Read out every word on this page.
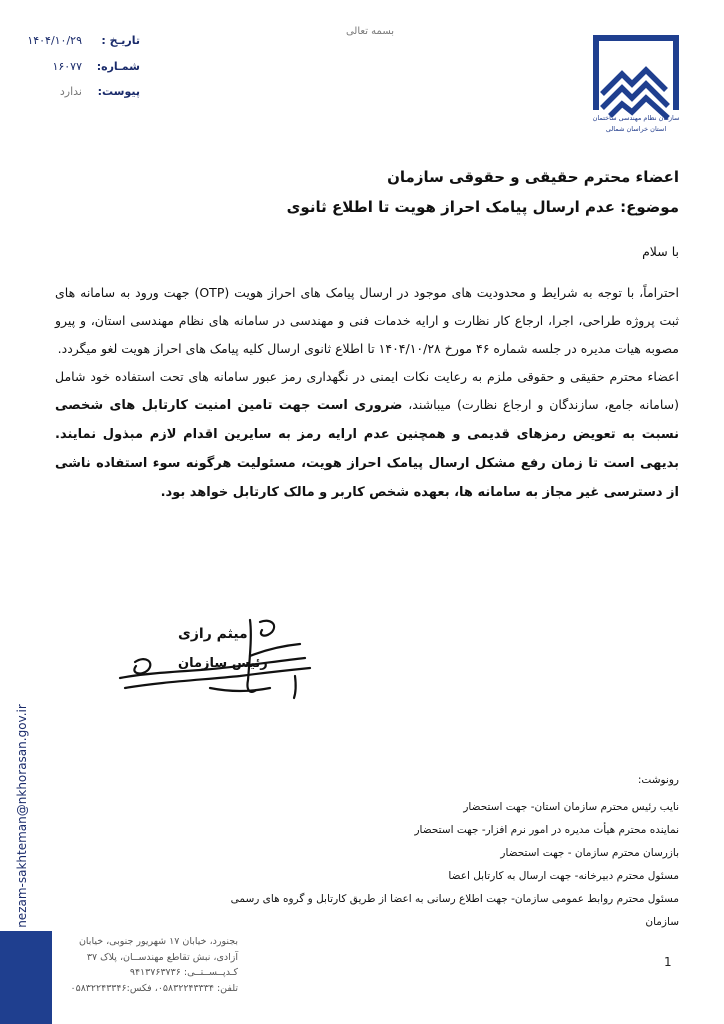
بسمه تعالی
تاریـخ :
۱۴۰۴/۱۰/۲۹
شمـاره:
۱۶۰۷۷
پیوست:
ندارد
سازمان نظام مهندسی ساختمان
استان خراسان شمالی
اعضاء محترم حقیقی و حقوقی سازمان
موضوع: عدم ارسال پیامک احراز هویت تا اطلاع ثانوی

با سلام

احتراماً، با توجه به شرایط و محدودیت های موجود در ارسال پیامک های احراز هویت (OTP) جهت ورود به سامانه های ثبت پروژه طراحی، اجرا، ارجاع کار نظارت و ارایه خدمات فنی و مهندسی در سامانه های نظام مهندسی استان، و پیرو مصوبه هیات مدیره در جلسه شماره ۴۶ مورخ ۱۴۰۴/۱۰/۲۸ تا اطلاع ثانوی ارسال کلیه پیامک های احراز هویت لغو میگردد.

اعضاء محترم حقیقی و حقوقی ملزم به رعایت نکات ایمنی در نگهداری رمز عبور سامانه های تحت استفاده خود شامل (سامانه جامع، سازندگان و ارجاع نظارت) میباشند، ضروری است جهت تامین امنیت کارتابل های شخصی نسبت به تعویض رمزهای قدیمی و همچنین عدم ارایه رمز به سایرین اقدام لازم مبذول نمایند. بدیهی است تا زمان رفع مشکل ارسال پیامک احراز هویت، مسئولیت هرگونه سوء استفاده ناشی از دسترسی غیر مجاز به سامانه ها، بعهده شخص کاربر و مالک کارتابل خواهد بود.

میثم رازی
رئیس سازمان
رونوشت:
نایب رئیس محترم سازمان استان- جهت استحضار
نماینده محترم هیأت مدیره در امور نرم افزار- جهت استحضار
بازرسان محترم سازمان - جهت استحضار
مسئول محترم دبیرخانه- جهت ارسال به کارتابل اعضا
مسئول محترم روابط عمومی سازمان- جهت اطلاع رسانی به اعضا از طریق کارتابل و گروه های رسمی سازمان
nezam-sakhteman@nkhorasan.gov.ir
بجنورد، خیابان ۱۷ شهریور جنوبی، خیابان
آزادی، نبش تقاطع مهندســان، پلاک ۳۷
کـدپــســتــی: ۹۴۱۳۷۶۳۷۳۶
تلفن: ۰۵۸۳۲۲۴۳۳۳۴، فکس:۰۵۸۳۲۲۴۳۳۴۶
1
